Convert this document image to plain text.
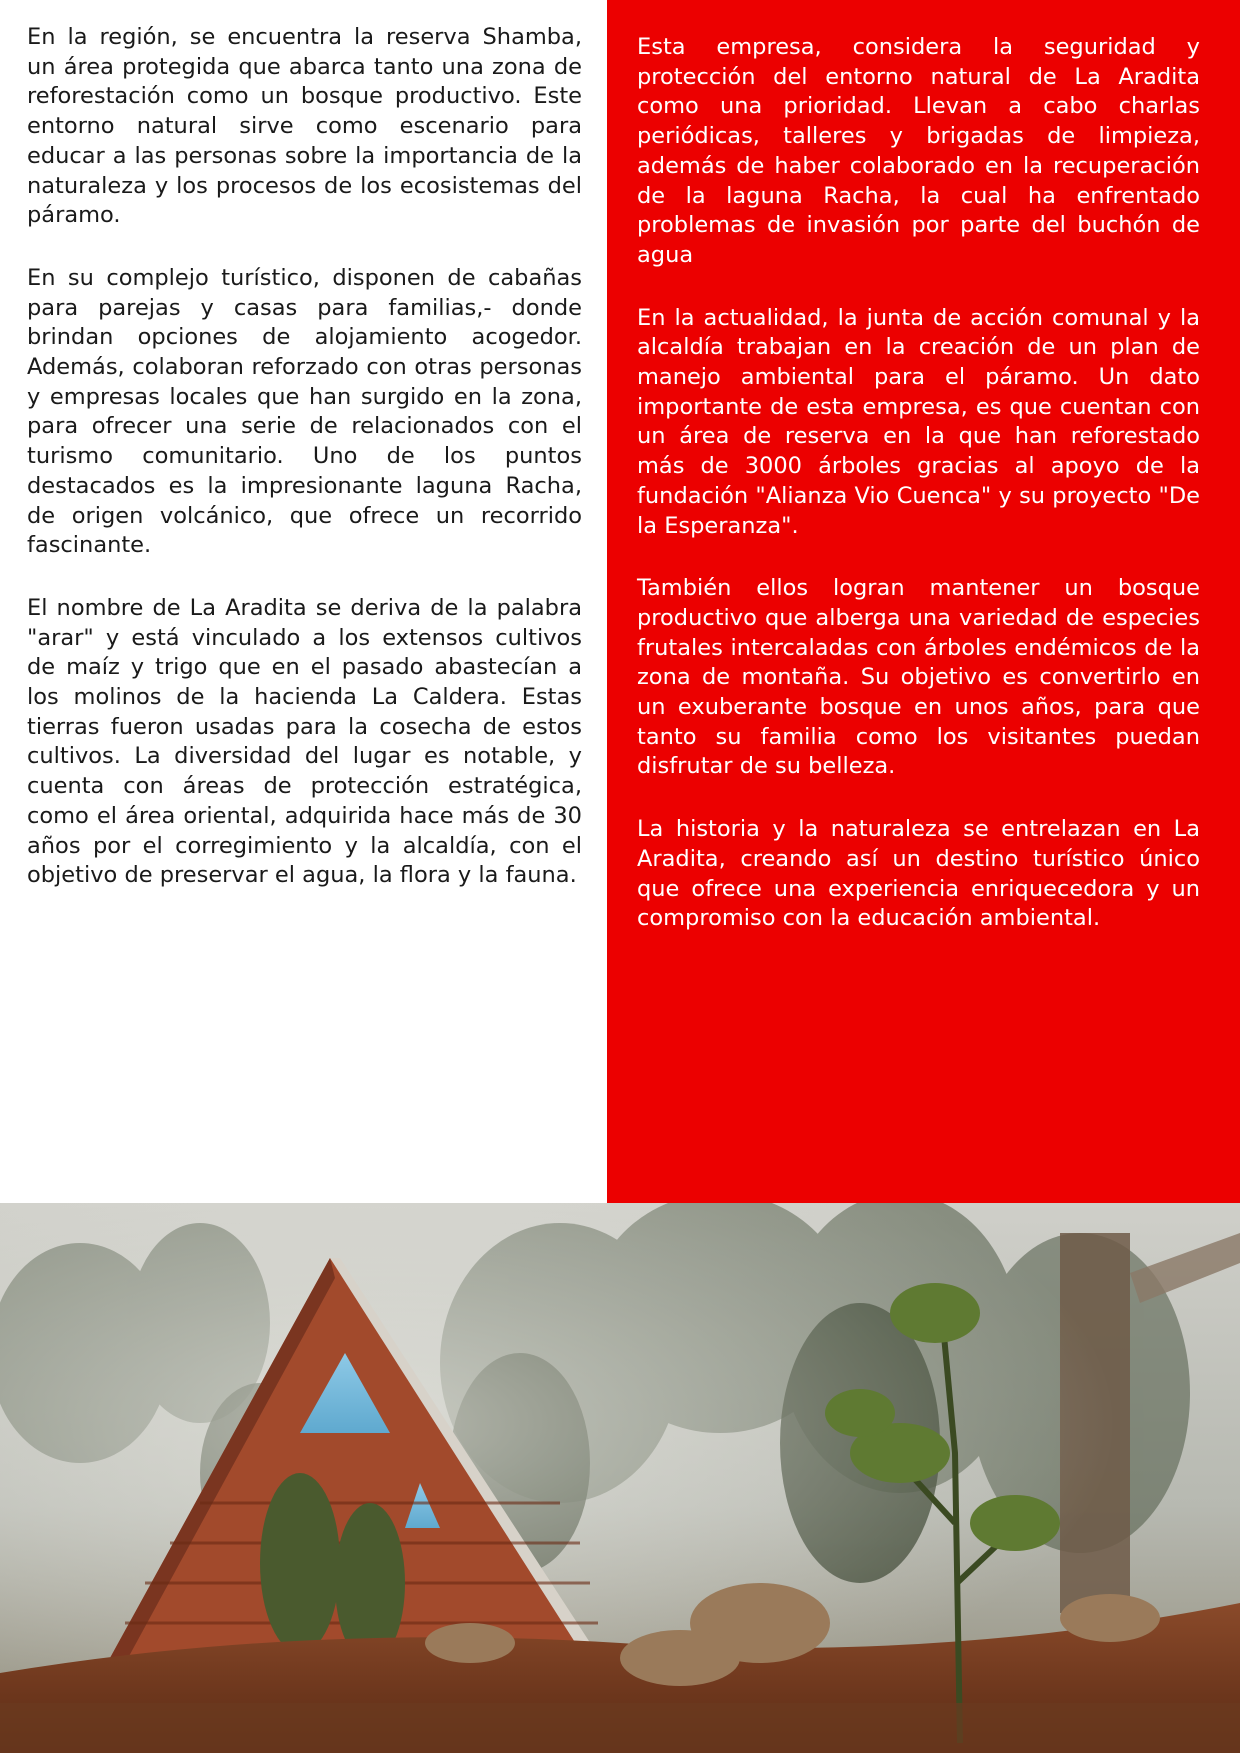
En la región, se encuentra la reserva Shamba, un área protegida que abarca tanto una zona de reforestación como un bosque productivo. Este entorno natural sirve como escenario para educar a las personas sobre la importancia de la naturaleza y los procesos de los ecosistemas del páramo.

En su complejo turístico, disponen de cabañas para parejas y casas para familias,- donde brindan opciones de alojamiento acogedor. Además, colaboran reforzado con otras personas y empresas locales que han surgido en la zona, para ofrecer una serie de relacionados con el turismo comunitario. Uno de los puntos destacados es la impresionante laguna Racha, de origen volcánico, que ofrece un recorrido fascinante.

El nombre de La Aradita se deriva de la palabra "arar" y está vinculado a los extensos cultivos de maíz y trigo que en el pasado abastecían a los molinos de la hacienda La Caldera. Estas tierras fueron usadas para la cosecha de estos cultivos. La diversidad del lugar es notable, y cuenta con áreas de protección estratégica, como el área oriental, adquirida hace más de 30 años por el corregimiento y la alcaldía, con el objetivo de preservar el agua, la flora y la fauna.

Esta empresa, considera la seguridad y protección del entorno natural de La Aradita como una prioridad. Llevan a cabo charlas periódicas, talleres y brigadas de limpieza, además de haber colaborado en la recuperación de la laguna Racha, la cual ha enfrentado problemas de invasión por parte del buchón de agua

En la actualidad, la junta de acción comunal y la alcaldía trabajan en la creación de un plan de manejo ambiental para el páramo. Un dato importante de esta empresa, es que cuentan con un área de reserva en la que han reforestado más de 3000 árboles gracias al apoyo de la fundación "Alianza Vio Cuenca" y su proyecto "De la Esperanza".

También ellos logran mantener un bosque productivo que alberga una variedad de especies frutales intercaladas con árboles endémicos de la zona de montaña. Su objetivo es convertirlo en un exuberante bosque en unos años, para que tanto su familia como los visitantes puedan disfrutar de su belleza.

La historia y la naturaleza se entrelazan en La Aradita, creando así un destino turístico único que ofrece una experiencia enriquecedora y un compromiso con la educación ambiental.
